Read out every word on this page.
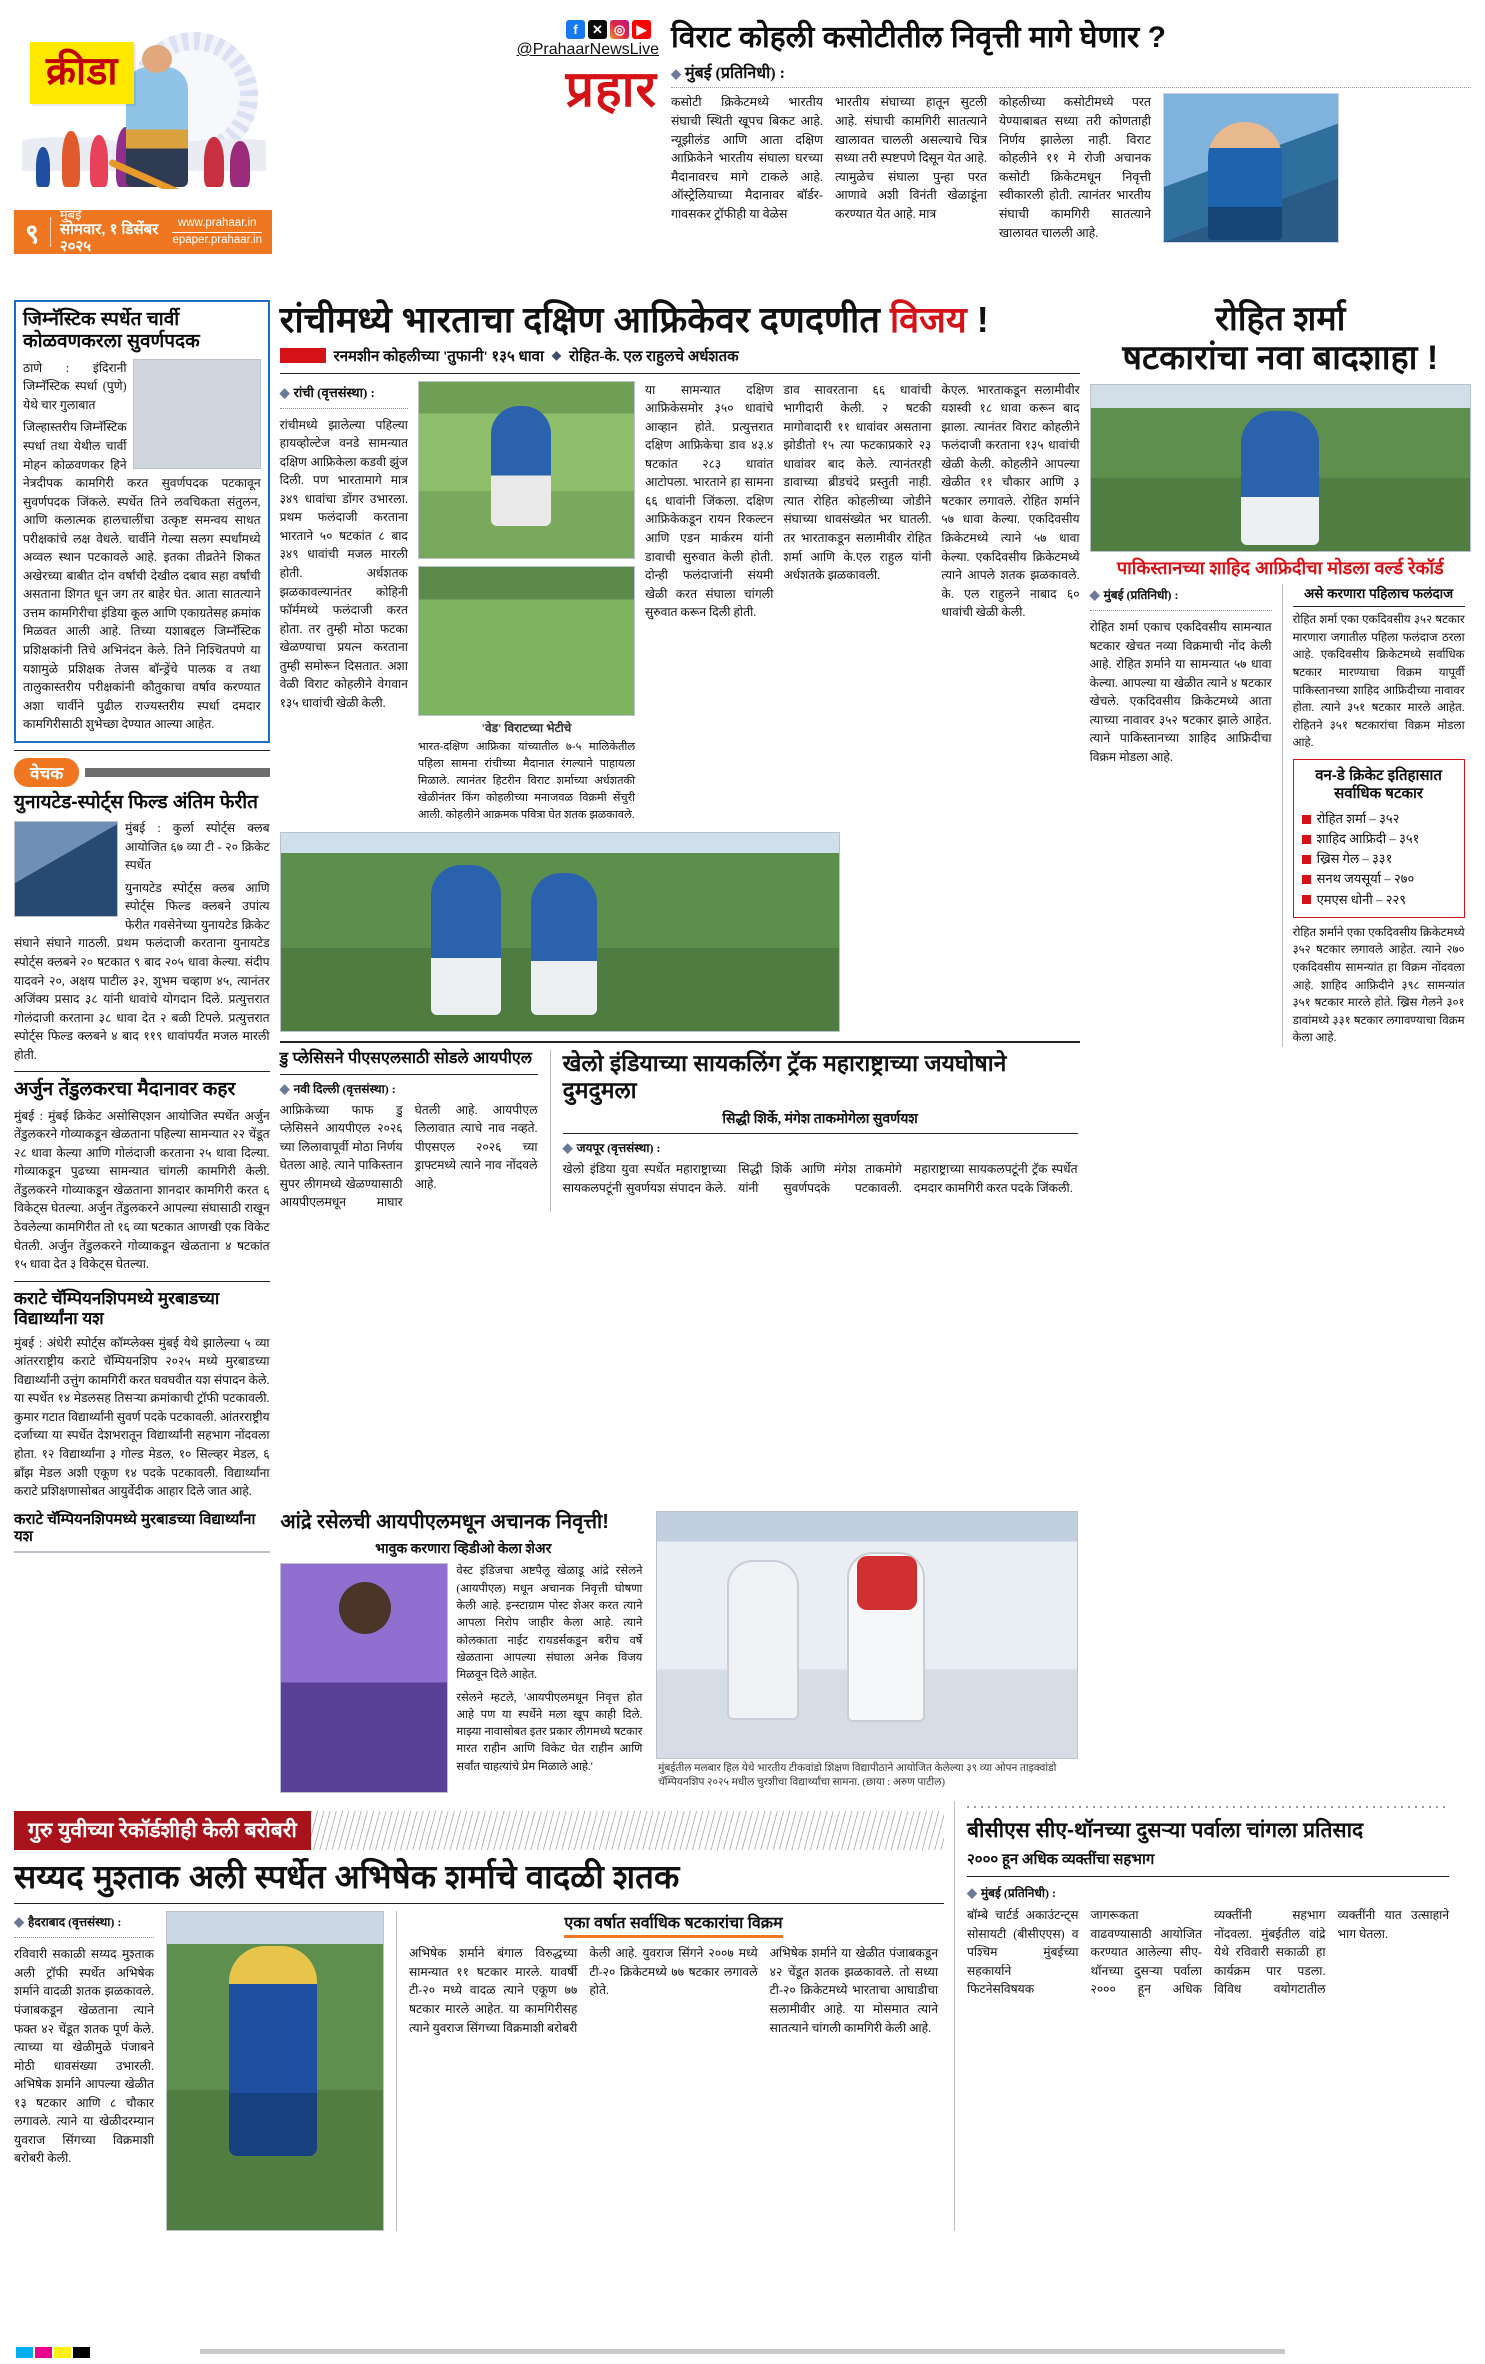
क्रीडा
f	✕ ◎ ▶
@PrahaarNewsLive
प्रहार
विराट कोहली कसोटीतील निवृत्ती मागे घेणार ?
◆ मुंबई (प्रतिनिधी) :
कसोटी क्रिकेटमध्ये भारतीय संघाची स्थिती खूपच बिकट आहे. न्यूझीलंड आणि आता दक्षिण आफ्रिकेने भारतीय संघाला घरच्या मैदानावरच मागे टाकले आहे. ऑस्ट्रेलियाच्या मैदानावर बॉर्डर-गावसकर ट्रॉफीही या वेळेस
भारतीय संघाच्या हातून सुटली आहे. संघाची कामगिरी सातत्याने खालावत चालली असल्याचे चित्र सध्या तरी स्पष्टपणे दिसून येत आहे. त्यामुळेच संघाला पुन्हा परत आणावे अशी विनंती खेळाडूंना करण्यात येत आहे. मात्र
कोहलीच्या कसोटीमध्ये परत येण्याबाबत सध्या तरी कोणताही निर्णय झालेला नाही. विराट कोहलीने ११ मे रोजी अचानक कसोटी क्रिकेटमधून निवृत्ती स्वीकारली होती. त्यानंतर भारतीय संघाची कामगिरी सातत्याने खालावत चालली आहे.
९
मुंबई
सोमवार, १ डिसेंबर २०२५
www.prahaar.in
epaper.prahaar.in
जिम्नॅस्टिक स्पर्धेत चार्वी कोळवणकरला सुवर्णपदक
ठाणे : इंदिरानी जिम्नॅस्टिक स्पर्धा (पुणे) येथे चार गुलाबात
जिल्हास्तरीय जिम्नॅस्टिक स्पर्धा तथा येथील चार्वी मोहन कोळवणकर हिने नेत्रदीपक कामगिरी करत सुवर्णपदक पटकावून सुवर्णपदक जिंकले. स्पर्धेत तिने लवचिकता संतुलन, आणि कलात्मक हालचालींचा उत्कृष्ट समन्वय साधत परीक्षकांचे लक्ष वेधले. चार्वीने गेल्या सलग स्पर्धांमध्ये अव्वल स्थान पटकावले आहे. इतका तीव्रतेने शिकत अखेरच्या बाबीत दोन वर्षांची देखील दबाव सहा वर्षांची असताना शिगत धून जग तर बाहेर घेत. आता सातत्याने उत्तम कामगिरीचा इंडिया कूल आणि एकाग्रतेसह क्रमांक मिळवत आली आहे. तिच्या यशाबद्दल जिम्नॅस्टिक प्रशिक्षकांनी तिचे अभिनंदन केले. तिने निश्चितपणे या यशामुळे प्रशिक्षक तेजस बॉन्ड्रेंचे पालक व तथा तालुकास्तरीय परीक्षकांनी कौतुकाचा वर्षाव करण्यात अशा चार्वीने पुढील राज्यस्तरीय स्पर्धा दमदार कामगिरीसाठी शुभेच्छा देण्यात आल्या आहेत.
वेचक
युनायटेड-स्पोर्ट्स फिल्ड अंतिम फेरीत
मुंबई : कुर्ला स्पोर्ट्स क्लब आयोजित ६७ व्या टी - २० क्रिकेट स्पर्धेत
युनायटेड स्पोर्ट्स क्लब आणि स्पोर्ट्स फिल्ड क्लबने उपांत्य फेरीत गवसेनेच्या युनायटेड क्रिकेट संघाने संघाने गाठली. प्रथम फलंदाजी करताना युनायटेड स्पोर्ट्स क्लबने २० षटकात ९ बाद २०५ धावा केल्या. संदीप यादवने २०, अक्षय पाटील ३२, शुभम चव्हाण ४५, त्यानंतर अजिंक्य प्रसाद ३८ यांनी धावांचे योगदान दिले. प्रत्युत्तरात गोलंदाजी करताना ३८ धावा देत २ बळी टिपले. प्रत्युत्तरात स्पोर्ट्स फिल्ड क्लबने ४ बाद ११९ धावांपर्यंत मजल मारली होती.
अर्जुन तेंडुलकरचा मैदानावर कहर
मुंबई : मुंबई क्रिकेट असोसिएशन आयोजित स्पर्धेत अर्जुन तेंडुलकरने गोव्याकडून खेळताना पहिल्या सामन्यात २२ चेंडूत २८ धावा केल्या आणि गोलंदाजी करताना २५ धावा दिल्या. गोव्याकडून पुढच्या सामन्यात चांगली कामगिरी केली. तेंडुलकरने गोव्याकडून खेळताना शानदार कामगिरी करत ६ विकेट्स घेतल्या. अर्जुन तेंडुलकरने आपल्या संघासाठी राखून ठेवलेल्या कामगिरीत तो १६ व्या षटकात आणखी एक विकेट घेतली. अर्जुन तेंडुलकरने गोव्याकडून खेळताना ४ षटकांत १५ धावा देत ३ विकेट्स घेतल्या.
कराटे चॅम्पियनशिपमध्ये मुरबाडच्या विद्यार्थ्यांना यश
मुंबई : अंधेरी स्पोर्ट्स कॉम्प्लेक्स मुंबई येथे झालेल्या ५ व्या आंतरराष्ट्रीय कराटे चॅम्पियनशिप २०२५ मध्ये मुरबाडच्या विद्यार्थ्यांनी उत्तुंग कामगिरी करत घवघवीत यश संपादन केले. या स्पर्धेत १४ मेडलसह तिसऱ्या क्रमांकाची ट्रॉफी पटकावली. कुमार गटात विद्यार्थ्यांनी सुवर्ण पदके पटकावली. आंतरराष्ट्रीय दर्जाच्या या स्पर्धेत देशभरातून विद्यार्थ्यांनी सहभाग नोंदवला होता. १२ विद्यार्थ्यांना ३ गोल्ड मेडल, १० सिल्व्हर मेडल, ६ ब्राँझ मेडल अशी एकूण १४ पदके पटकावली. विद्यार्थ्यांना कराटे प्रशिक्षणासोबत आयुर्वेदीक आहार दिले जात आहे.
रांचीमध्ये भारताचा दक्षिण आफ्रिकेवर दणदणीत विजय !
रनमशीन कोहलीच्या 'तुफानी' १३५ धावा ◆ रोहित-के. एल राहुलचे अर्धशतक
◆ रांची (वृत्तसंस्था) :
रांचीमध्ये झालेल्या पहिल्या हायव्होल्टेज वनडे सामन्यात दक्षिण आफ्रिकेला कडवी झुंज दिली. पण भारतामागे मात्र ३४९ धावांचा डोंगर उभारला. प्रथम फलंदाजी करताना भारताने ५० षटकांत ८ बाद ३४९ धावांची मजल मारली होती. अर्धशतक झळकावल्यानंतर कोहिनी फॉर्ममध्ये फलंदाजी करत होता. तर तुम्ही मोठा फटका खेळण्याचा प्रयत्न करताना तुम्ही समोरून दिसतात. अशा वेळी विराट कोहलीने वेगवान १३५ धावांची खेळी केली.
'वेड' विराटच्या भेटीचे
भारत-दक्षिण आफ्रिका यांच्यातील ७-५ मालिकेतील पहिला सामना रांचीच्या मैदानात रंगल्याने पाहायला मिळाले. त्यानंतर हिटरीन विराट शर्माच्या अर्धशतकी खेळीनंतर किंग कोहलीच्या मनाजवळ विक्रमी सेंचुरी आली. कोहलीने आक्रमक पवित्रा घेत शतक झळकावले.
या सामन्यात दक्षिण आफ्रिकेसमोर ३५० धावांचे आव्हान होते. प्रत्युत्तरात दक्षिण आफ्रिकेचा डाव ४३.४ षटकांत २८३ धावांत आटोपला. भारताने हा सामना ६६ धावांनी जिंकला. दक्षिण आफ्रिकेकडून रायन रिकल्टन आणि एडन मार्करम यांनी डावाची सुरुवात केली होती. दोन्ही फलंदाजांनी संयमी खेळी करत संघाला चांगली सुरुवात करून दिली होती.
डाव सावरताना ६६ धावांची भागीदारी केली. २ षटकी मागोवादारी ११ धावांवर असताना झोडीतो १५ त्या फटकाप्रकारे २३ धावांवर बाद केले. त्यानंतरही डावाच्या ब्रीडचंदे प्रस्तुती नाही. त्यात रोहित कोहलीच्या जोडीने संघाच्या धावसंख्येत भर घातली. तर भारताकडून सलामीवीर रोहित शर्मा आणि के.एल राहुल यांनी अर्धशतके झळकावली.
केएल. भारताकडून सलामीवीर यशस्वी १८ धावा करून बाद झाला. त्यानंतर विराट कोहलीने फलंदाजी करताना १३५ धावांची खेळी केली. कोहलीने आपल्या खेळीत ११ चौकार आणि ३ षटकार लगावले. रोहित शर्माने ५७ धावा केल्या. एकदिवसीय क्रिकेटमध्ये त्याने ५७ धावा केल्या. एकदिवसीय क्रिकेटमध्ये त्याने आपले शतक झळकावले. के. एल राहुलने नाबाद ६० धावांची खेळी केली.
डु प्लेसिसने पीएसएलसाठी सोडले आयपीएल
◆ नवी दिल्ली (वृत्तसंस्था) :
आफ्रिकेच्या फाफ डु प्लेसिसने आयपीएल २०२६ च्या लिलावापूर्वी मोठा निर्णय घेतला आहे. त्याने पाकिस्तान सुपर लीगमध्ये खेळण्यासाठी आयपीएलमधून माघार घेतली आहे. आयपीएल लिलावात त्याचे नाव नव्हते. पीएसएल २०२६ च्या ड्राफ्टमध्ये त्याने नाव नोंदवले आहे.
खेलो इंडियाच्या सायकलिंग ट्रॅक महाराष्ट्राच्या जयघोषाने दुमदुमला
सिद्धी शिर्के, मंगेश ताकमोगेला सुवर्णयश
◆ जयपूर (वृत्तसंस्था) :
खेलो इंडिया युवा स्पर्धेत महाराष्ट्राच्या सायकलपटूंनी सुवर्णयश संपादन केले. सिद्धी शिर्के आणि मंगेश ताकमोगे यांनी सुवर्णपदके पटकावली. महाराष्ट्राच्या सायकलपटूंनी ट्रॅक स्पर्धेत दमदार कामगिरी करत पदके जिंकली.
रोहित शर्मा
षटकारांचा नवा बादशाहा !
पाकिस्तानच्या शाहिद आफ्रिदीचा मोडला वर्ल्ड रेकॉर्ड
◆ मुंबई (प्रतिनिधी) :
रोहित शर्मा एकाच एकदिवसीय सामन्यात षटकार खेचत नव्या विक्रमाची नोंद केली आहे. रोहित शर्माने या सामन्यात ५७ धावा केल्या. आपल्या या खेळीत त्याने ४ षटकार खेचले. एकदिवसीय क्रिकेटमध्ये आता त्याच्या नावावर ३५२ षटकार झाले आहेत. त्याने पाकिस्तानच्या शाहिद आफ्रिदीचा विक्रम मोडला आहे.
असे करणारा पहिलाच फलंदाज
रोहित शर्मा एका एकदिवसीय ३५२ षटकार मारणारा जगातील पहिला फलंदाज ठरला आहे. एकदिवसीय क्रिकेटमध्ये सर्वाधिक षटकार मारण्याचा विक्रम यापूर्वी पाकिस्तानच्या शाहिद आफ्रिदीच्या नावावर होता. त्याने ३५१ षटकार मारले आहेत. रोहितने ३५१ षटकारांचा विक्रम मोडला आहे.
वन-डे क्रिकेट इतिहासात
सर्वाधिक षटकार
रोहित शर्मा – ३५२
शाहिद आफ्रिदी – ३५१
ख्रिस गेल – ३३१
सनथ जयसूर्या – २७०
एमएस धोनी – २२९
रोहित शर्माने एका एकदिवसीय क्रिकेटमध्ये ३५२ षटकार लगावले आहेत. त्याने २७० एकदिवसीय सामन्यांत हा विक्रम नोंदवला आहे. शाहिद आफ्रिदीने ३९८ सामन्यांत ३५१ षटकार मारले होते. ख्रिस गेलने ३०१ डावांमध्ये ३३१ षटकार लगावण्याचा विक्रम केला आहे.
कराटे चॅम्पियनशिपमध्ये मुरबाडच्या विद्यार्थ्यांना यश
आंद्रे रसेलची आयपीएलमधून अचानक निवृत्ती!
भावुक करणारा व्हिडीओ केला शेअर

वेस्ट इंडिजचा अष्टपैलू खेळाडू आंद्रे रसेलने (आयपीएल) मधून अचानक निवृत्ती घोषणा केली आहे. इन्स्टाग्राम पोस्ट शेअर करत त्याने आपला निरोप जाहीर केला आहे. त्याने कोलकाता नाईट रायडर्सकडून बरीच वर्षे खेळताना आपल्या संघाला अनेक विजय मिळवून दिले आहेत.

रसेलने म्हटले, 'आयपीएलमधून निवृत्त होत आहे पण या स्पर्धेने मला खूप काही दिले. माझ्या नावासोबत इतर प्रकार लीगमध्ये षटकार मारत राहीन आणि विकेट घेत राहीन आणि सर्वांत चाहत्यांचे प्रेम मिळाले आहे.'	मुंबईतील मलबार हिल येथे भारतीय टीकवांडो शिक्षण विद्यापीठाने आयोजित केलेल्या ३९ व्या ओपन ताइक्वांडो चॅम्पियनशिप २०२५ मधील चुरशीचा विद्यार्थ्यांचा सामना. (छाया : अरुण पाटील)
गुरु युवीच्या रेकॉर्डशीही केली बरोबरी
सय्यद मुश्ताक अली स्पर्धेत अभिषेक शर्माचे वादळी शतक
◆ हैदराबाद (वृत्तसंस्था) :
रविवारी सकाळी सय्यद मुश्ताक अली ट्रॉफी स्पर्धेत अभिषेक शर्माने वादळी शतक झळकावले. पंजाबकडून खेळताना त्याने फक्त ४२ चेंडूत शतक पूर्ण केले. त्याच्या या खेळीमुळे पंजाबने मोठी धावसंख्या उभारली. अभिषेक शर्माने आपल्या खेळीत १३ षटकार आणि ८ चौकार लगावले. त्याने या खेळीदरम्यान युवराज सिंगच्या विक्रमाशी बरोबरी केली.
एका वर्षात सर्वाधिक षटकारांचा विक्रम

अभिषेक शर्माने बंगाल विरुद्धच्या सामन्यात ११ षटकार मारले. यावर्षी टी-२० मध्ये वादळ त्याने एकूण ७७ षटकार मारले आहेत. या कामगिरीसह त्याने युवराज सिंगच्या विक्रमाशी बरोबरी केली आहे. युवराज सिंगने २००७ मध्ये टी-२० क्रिकेटमध्ये ७७ षटकार लगावले होते.

अभिषेक शर्माने या खेळीत पंजाबकडून ४२ चेंडूत शतक झळकावले. तो सध्या टी-२० क्रिकेटमध्ये भारताचा आघाडीचा सलामीवीर आहे. या मोसमात त्याने सातत्याने चांगली कामगिरी केली आहे.

बीसीएस सीए-थॉनच्या दुसऱ्या पर्वाला चांगला प्रतिसाद
२००० हून अधिक व्यक्तींचा सहभाग
◆ मुंबई (प्रतिनिधी) :
बॉम्बे चार्टर्ड अकाउंटन्ट्स सोसायटी (बीसीएएस) व पश्चिम मुंबईच्या सहकार्याने फिटनेसविषयक जागरूकता वाढवण्यासाठी आयोजित करण्यात आलेल्या सीए-थॉनच्या दुसऱ्या पर्वाला २००० हून अधिक व्यक्तींनी सहभाग नोंदवला. मुंबईतील वांद्रे येथे रविवारी सकाळी हा कार्यक्रम पार पडला. विविध वयोगटातील व्यक्तींनी यात उत्साहाने भाग घेतला.
